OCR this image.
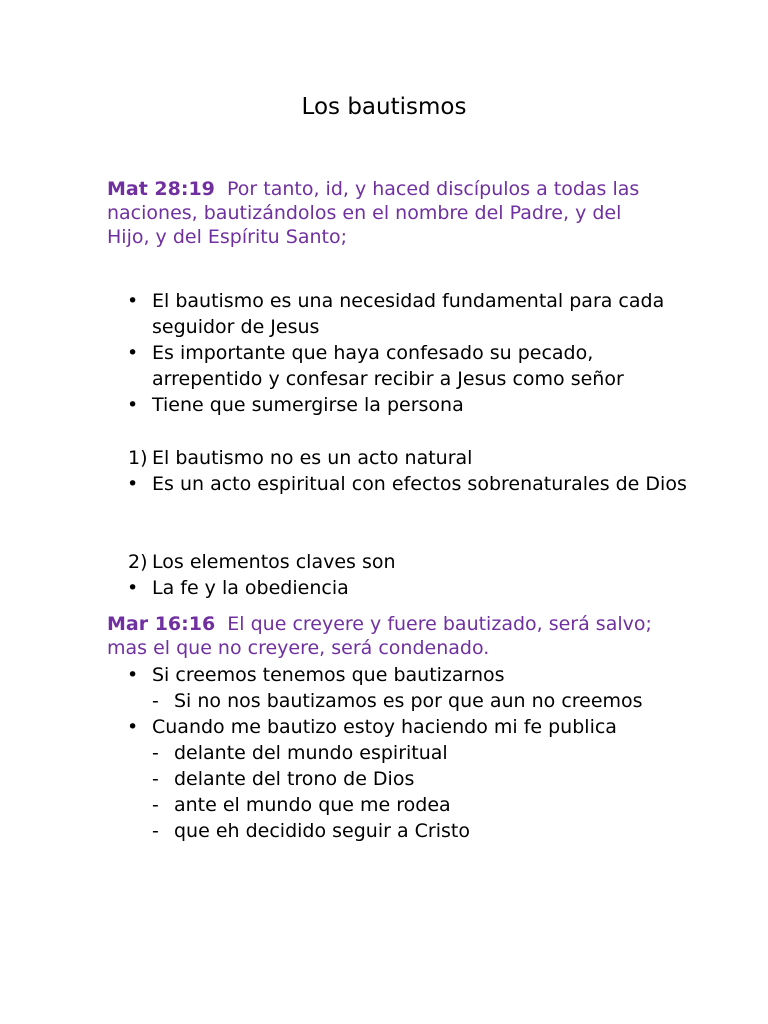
Los bautismos
Mat 28:19 Por tanto, id, y haced discípulos a todas las naciones, bautizándolos en el nombre del Padre, y del Hijo, y del Espíritu Santo;
• El bautismo es una necesidad fundamental para cada seguidor de Jesus
• Es importante que haya confesado su pecado, arrepentido y confesar recibir a Jesus como señor
• Tiene que sumergirse la persona
1) El bautismo no es un acto natural
• Es un acto espiritual con efectos sobrenaturales de Dios
2) Los elementos claves son
• La fe y la obediencia
Mar 16:16 El que creyere y fuere bautizado, será salvo; mas el que no creyere, será condenado.
• Si creemos tenemos que bautizarnos
- Si no nos bautizamos es por que aun no creemos
• Cuando me bautizo estoy haciendo mi fe publica
- delante del mundo espiritual
- delante del trono de Dios
- ante el mundo que me rodea
- que eh decidido seguir a Cristo
